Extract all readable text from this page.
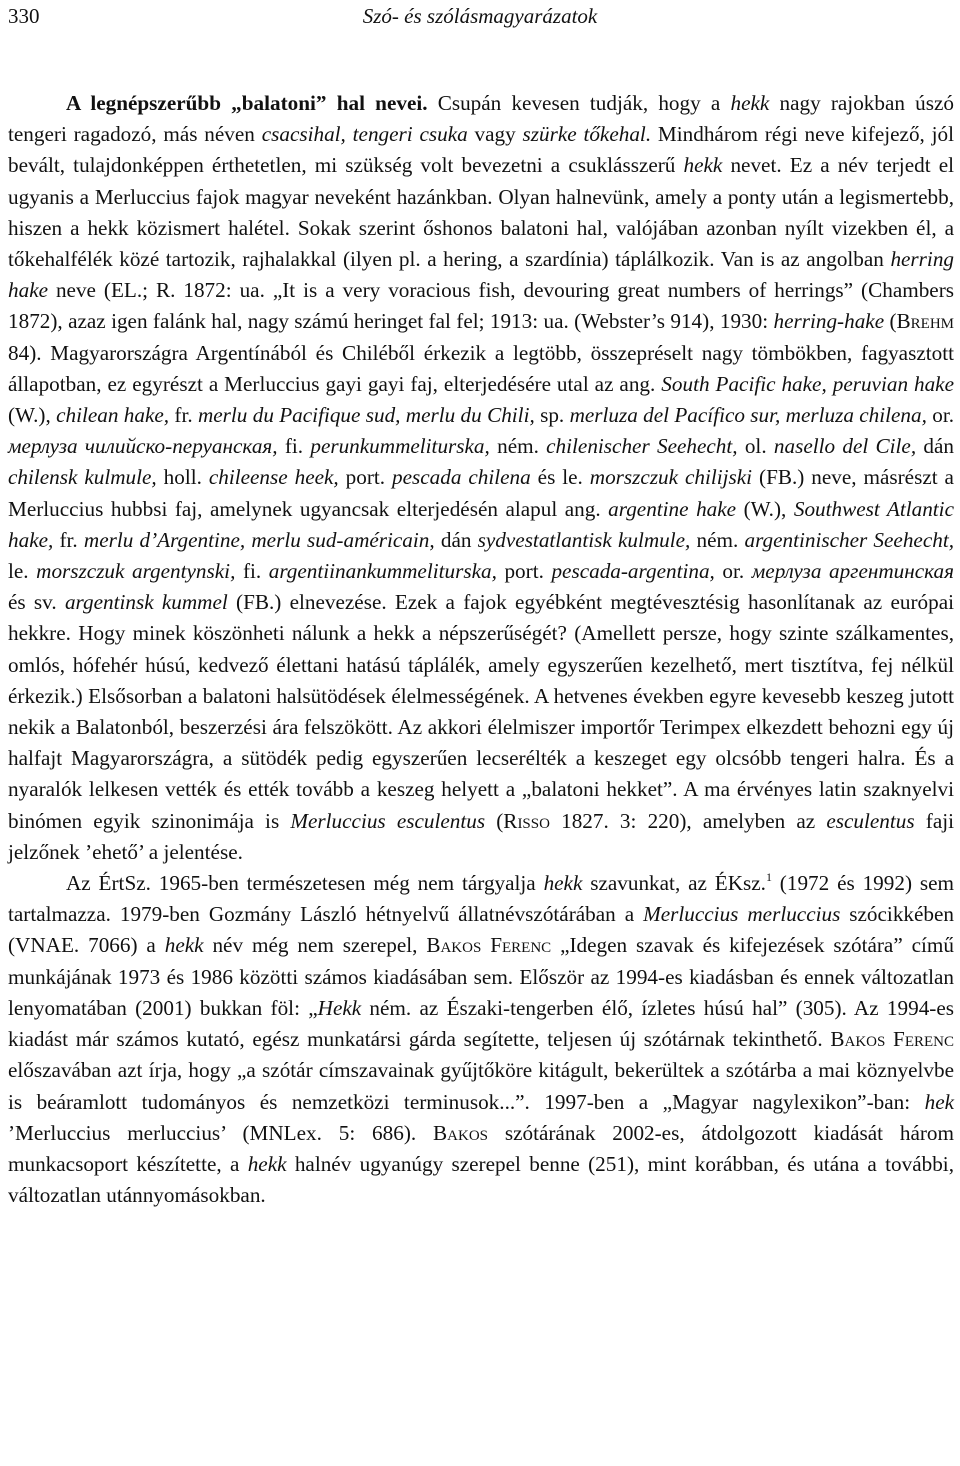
330	Szó- és szólásmagyarázatok

A legnépszerűbb „balatoni” hal nevei. Csupán kevesen tudják, hogy a hekk nagy rajokban úszó tengeri ragadozó, más néven csacsihal, tengeri csuka vagy szürke tőkehal. Mindhárom régi neve kifejező, jól bevált, tulajdonképpen érthetetlen, mi szükség volt bevezetni a csuklásszerű hekk nevet. Ez a név terjedt el ugyanis a Merluccius fajok magyar neveként hazánkban. Olyan halnevünk, amely a ponty után a legismertebb, hiszen a hekk közismert halétel. Sokak szerint őshonos balatoni hal, valójában azonban nyílt vizekben él, a tőkehalfélék közé tartozik, rajhalakkal (ilyen pl. a hering, a szardínia) táplálkozik. Van is az angolban herring hake neve (EL.; R. 1872: ua. „It is a very voracious fish, devouring great numbers of herrings” (Chambers 1872), azaz igen falánk hal, nagy számú heringet fal fel; 1913: ua. (Webster’s 914), 1930: herring-hake (Brehm 84). Magyarországra Argentínából és Chiléből érkezik a legtöbb, összepréselt nagy tömbökben, fagyasztott állapotban, ez egyrészt a Merluccius gayi gayi faj, elterjedésére utal az ang. South Pacific hake, peruvian hake (W.), chilean hake, fr. merlu du Pacifique sud, merlu du Chili, sp. merluza del Pacífico sur, merluza chilena, or. мерлуза чилийско-перуанская, fi. perunkummeliturska, ném. chilenischer Seehecht, ol. nasello del Cile, dán chilensk kulmule, holl. chileense heek, port. pescada chilena és le. morszczuk chilijski (FB.) neve, másrészt a Merluccius hubbsi faj, amelynek ugyancsak elterjedésén alapul ang. argentine hake (W.), Southwest Atlantic hake, fr. merlu d’Argentine, merlu sud-américain, dán sydvestatlantisk kulmule, ném. argentinischer Seehecht, le. morszczuk argentynski, fi. argentiinankummeliturska, port. pescada-argentina, or. мерлуза аргентинская és sv. argentinsk kummel (FB.) elnevezése. Ezek a fajok egyébként megtévesztésig hasonlítanak az európai hekkre. Hogy minek köszönheti nálunk a hekk a népszerűségét? (Amellett persze, hogy szinte szálkamentes, omlós, hófehér húsú, kedvező élettani hatású táplálék, amely egyszerűen kezelhető, mert tisztítva, fej nélkül érkezik.) Elsősorban a balatoni halsütödések élelmességének. A hetvenes években egyre kevesebb keszeg jutott nekik a Balatonból, beszerzési ára felszökött. Az akkori élelmiszer importőr Terimpex elkezdett behozni egy új halfajt Magyarországra, a sütödék pedig egyszerűen lecserélték a keszeget egy olcsóbb tengeri halra. És a nyaralók lelkesen vették és ették tovább a keszeg helyett a „balatoni hekket”. A ma érvényes latin szaknyelvi binómen egyik szinonimája is Merluccius esculentus (Risso 1827. 3: 220), amelyben az esculentus faji jelzőnek ’ehető’ a jelentése.

Az ÉrtSz. 1965-ben természetesen még nem tárgyalja hekk szavunkat, az ÉKsz.$^1$ (1972 és 1992) sem tartalmazza. 1979-ben Gozmány László hétnyelvű állatnévszótárában a Merluccius merluccius szócikkében (VNAE. 7066) a hekk név még nem szerepel, Bakos Ferenc „Idegen szavak és kifejezések szótára” című munkájának 1973 és 1986 közötti számos kiadásában sem. Először az 1994-es kiadásban és ennek változatlan lenyomatában (2001) bukkan föl: „Hekk ném. az Északi-tengerben élő, ízletes húsú hal” (305). Az 1994-es kiadást már számos kutató, egész munkatársi gárda segítette, teljesen új szótárnak tekinthető. Bakos Ferenc előszavában azt írja, hogy „a szótár címszavainak gyűjtőköre kitágult, bekerültek a szótárba a mai köznyelvbe is beáramlott tudományos és nemzetközi terminusok...”. 1997-ben a „Magyar nagylexikon”-ban: hek ’Merluccius merluccius’ (MNLex. 5: 686). Bakos szótárának 2002-es, átdolgozott kiadását három munkacsoport készítette, a hekk halnév ugyanúgy szerepel benne (251), mint korábban, és utána a további, változatlan utánnyomásokban.
